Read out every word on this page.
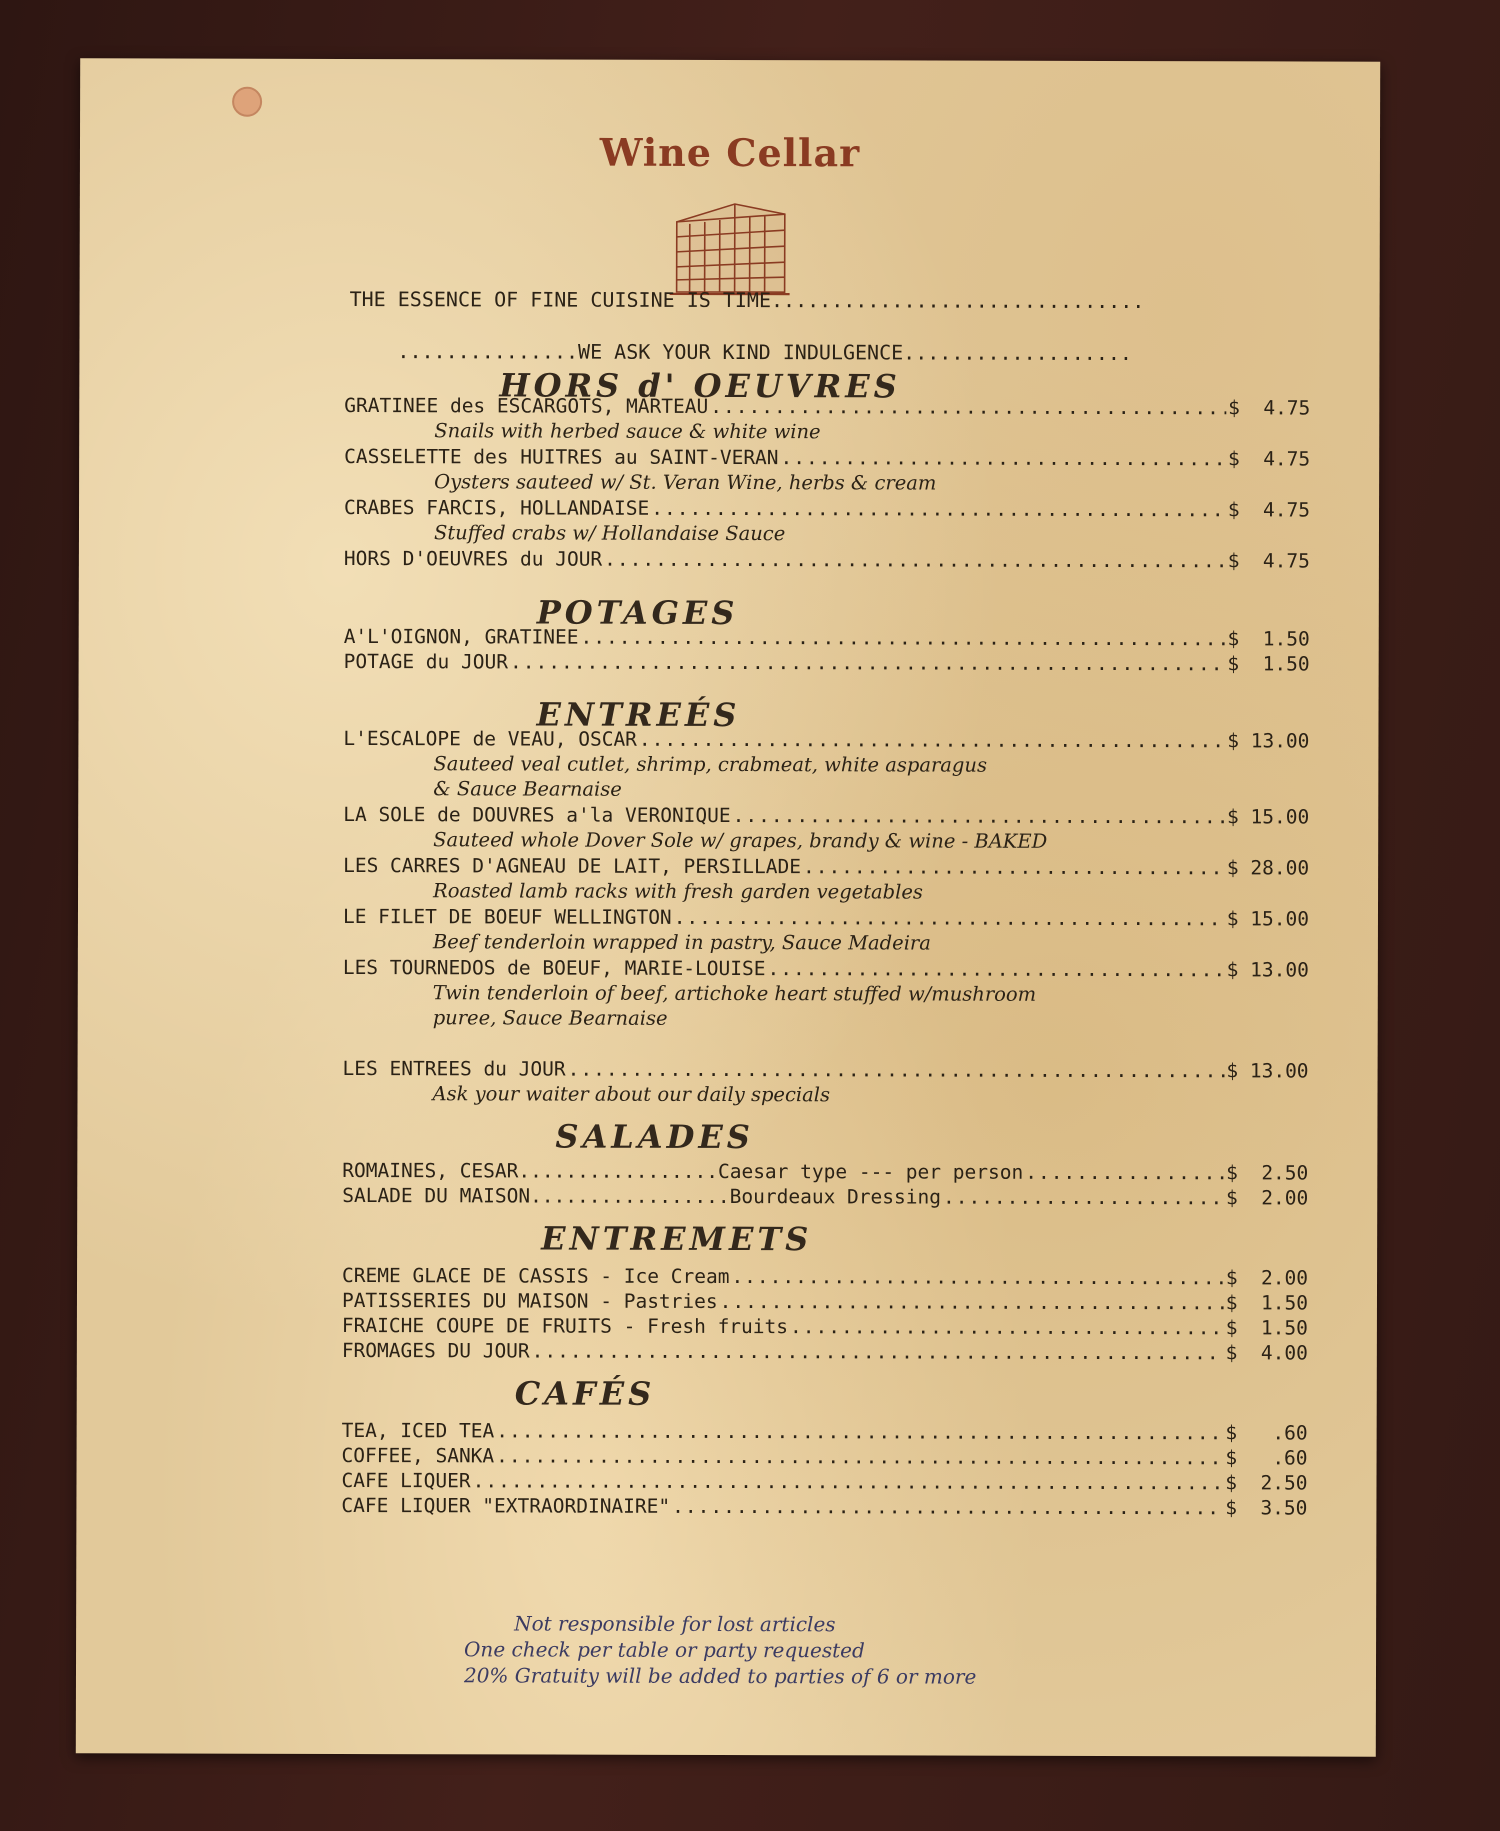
Wine Cellar
THE ESSENCE OF FINE CUISINE IS TIME...............................
...............WE ASK YOUR KIND INDULGENCE...................
HORS d' OEUVRES
GRATINEE des ESCARGOTS, MARTEAU .....	$  4.75
Snails with herbed sauce & white wine
CASSELETTE des HUITRES au SAINT-VERAN .....	$  4.75
Oysters sauteed w/ St. Veran Wine, herbs & cream
CRABES FARCIS, HOLLANDAISE .....	$  4.75
Stuffed crabs w/ Hollandaise Sauce
HORS D'OEUVRES du JOUR .....	$  4.75
POTAGES
A'L'OIGNON, GRATINEE .....	$  1.50
POTAGE du JOUR .....	$  1.50
ENTREÉS
L'ESCALOPE de VEAU, OSCAR .....	$ 13.00
Sauteed veal cutlet, shrimp, crabmeat, white asparagus
& Sauce Bearnaise
LA SOLE de DOUVRES a'la VERONIQUE .....	$ 15.00
Sauteed whole Dover Sole w/ grapes, brandy & wine - BAKED
LES CARRES D'AGNEAU DE LAIT, PERSILLADE .....	$ 28.00
Roasted lamb racks with fresh garden vegetables
LE FILET DE BOEUF WELLINGTON .....	$ 15.00
Beef tenderloin wrapped in pastry, Sauce Madeira
LES TOURNEDOS de BOEUF, MARIE-LOUISE .....	$ 13.00
Twin tenderloin of beef, artichoke heart stuffed w/mushroom
puree, Sauce Bearnaise
LES ENTREES du JOUR .....	$ 13.00
Ask your waiter about our daily specials
SALADES
ROMAINES, CESAR.................Caesar type --- per person .....	$  2.50
SALADE DU MAISON.................Bourdeaux Dressing .....	$  2.00
ENTREMETS
CREME GLACE DE CASSIS - Ice Cream .....	$  2.00
PATISSERIES DU MAISON - Pastries .....	$  1.50
FRAICHE COUPE DE FRUITS - Fresh fruits .....	$  1.50
FROMAGES DU JOUR .....	$  4.00
CAFÉS
TEA, ICED TEA .....	$   .60
COFFEE, SANKA .....	$   .60
CAFE LIQUER .....	$  2.50
CAFE LIQUER "EXTRAORDINAIRE" .....	$  3.50
Not responsible for lost articles
One check per table or party requested
20% Gratuity will be added to parties of 6 or more
